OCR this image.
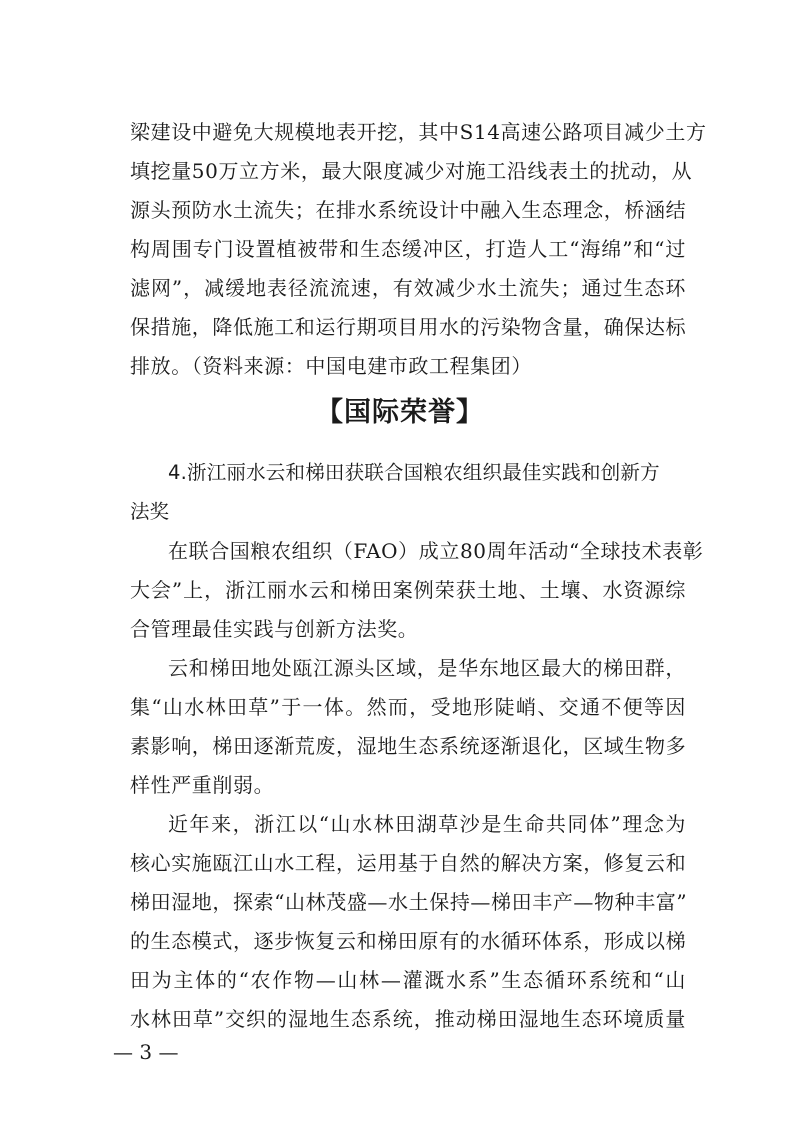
梁建设中避免大规模地表开挖，其中S14高速公路项目减少土方
填挖量50万立方米，最大限度减少对施工沿线表土的扰动，从
源头预防水土流失；在排水系统设计中融入生态理念，桥涵结
构周围专门设置植被带和生态缓冲区，打造人工“海绵”和“过
滤网”，减缓地表径流流速，有效减少水土流失；通过生态环
保措施，降低施工和运行期项目用水的污染物含量，确保达标
排放。（资料来源：中国电建市政工程集团）
【国际荣誉】
4.浙江丽水云和梯田获联合国粮农组织最佳实践和创新方
法奖
在联合国粮农组织（FAO）成立80周年活动“全球技术表彰
大会”上，浙江丽水云和梯田案例荣获土地、土壤、水资源综
合管理最佳实践与创新方法奖。
云和梯田地处瓯江源头区域，是华东地区最大的梯田群，
集“山水林田草”于一体。然而，受地形陡峭、交通不便等因
素影响，梯田逐渐荒废，湿地生态系统逐渐退化，区域生物多
样性严重削弱。
近年来，浙江以“山水林田湖草沙是生命共同体”理念为
核心实施瓯江山水工程，运用基于自然的解决方案，修复云和
梯田湿地，探索“山林茂盛—水土保持—梯田丰产—物种丰富”
的生态模式，逐步恢复云和梯田原有的水循环体系，形成以梯
田为主体的“农作物—山林—灌溉水系”生态循环系统和“山
水林田草”交织的湿地生态系统，推动梯田湿地生态环境质量
— 3 —
